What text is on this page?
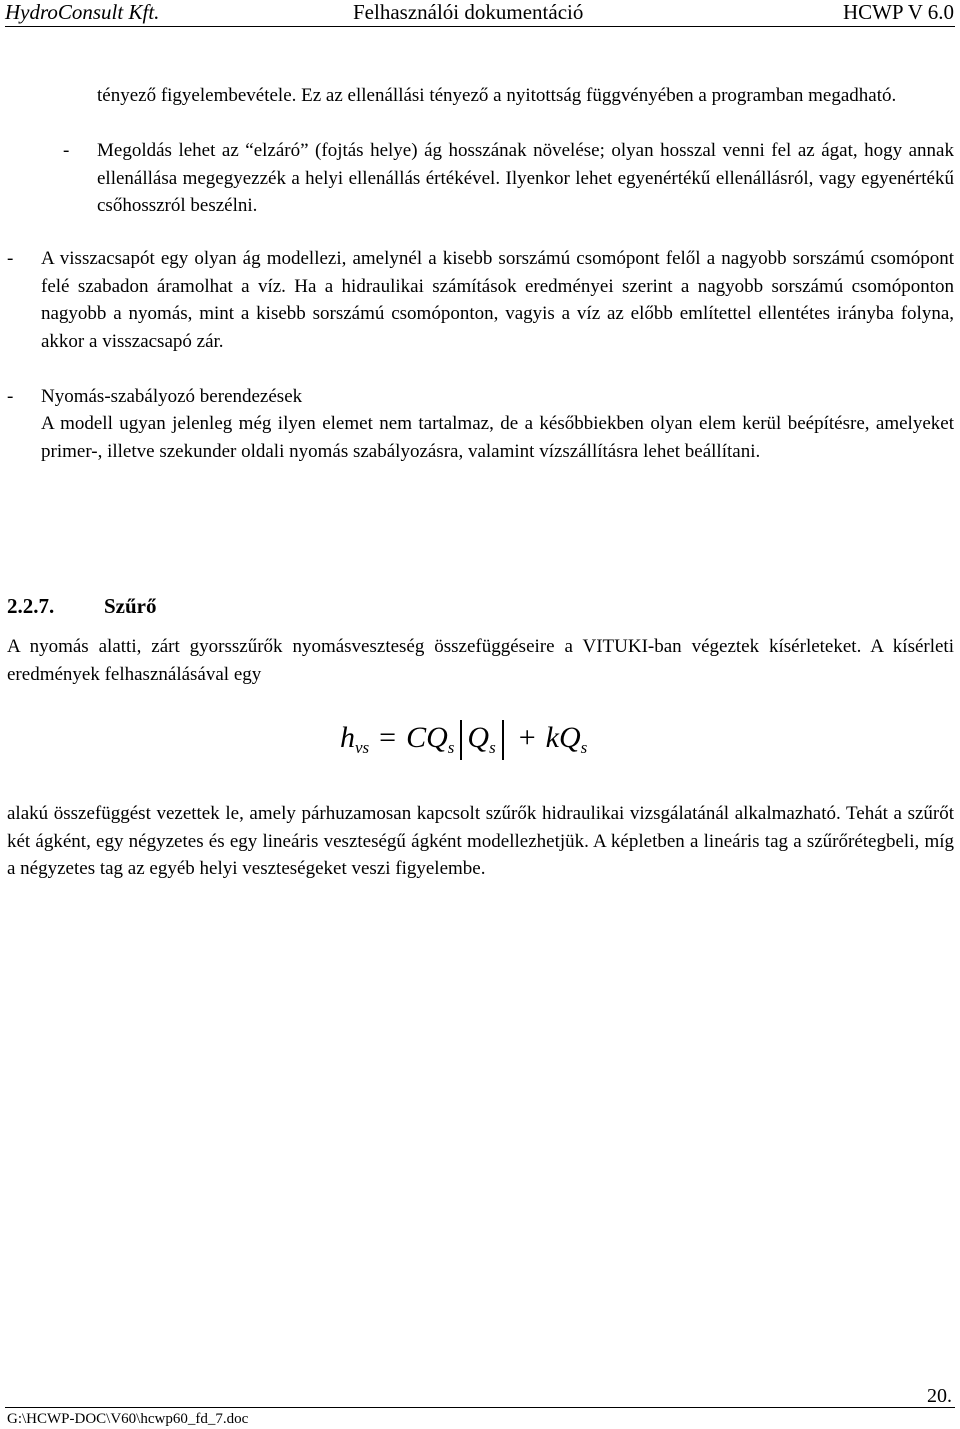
HydroConsult Kft.	Felhasználói dokumentáció	HCWP V 6.0

tényező figyelembevétele. Ez az ellenállási tényező a nyitottság függvényében a programban megadható.

- Megoldás lehet az “elzáró” (fojtás helye) ág hosszának növelése; olyan hosszal venni fel az ágat, hogy annak ellenállása megegyezzék a helyi ellenállás értékével. Ilyenkor lehet egyenértékű ellenállásról, vagy egyenértékű csőhosszról beszélni.

- A visszacsapót egy olyan ág modellezi, amelynél a kisebb sorszámú csomópont felől a nagyobb sorszámú csomópont felé szabadon áramolhat a víz. Ha a hidraulikai számítások eredményei szerint a nagyobb sorszámú csomóponton nagyobb a nyomás, mint a kisebb sorszámú csomóponton, vagyis a víz az előbb említettel ellentétes irányba folyna, akkor a visszacsapó zár.

- Nyomás-szabályozó berendezések

A modell ugyan jelenleg még ilyen elemet nem tartalmaz, de a későbbiekben olyan elem kerül beépítésre, amelyeket primer-, illetve szekunder oldali nyomás szabályozásra, valamint vízszállításra lehet beállítani.

2.2.7. Szűrő

A nyomás alatti, zárt gyorsszűrők nyomásveszteség összefüggéseire a VITUKI-ban végeztek kísérleteket. A kísérleti eredmények felhasználásával egy

$h_{vs} = CQ_s$ $Q_s + kQ_s$

alakú összefüggést vezettek le, amely párhuzamosan kapcsolt szűrők hidraulikai vizsgálatánál alkalmazható. Tehát a szűrőt két ágként, egy négyzetes és egy lineáris veszteségű ágként modellezhetjük. A képletben a lineáris tag a szűrőrétegbeli, míg a négyzetes tag az egyéb helyi veszteségeket veszi figyelembe.

20.
G:\HCWP-DOC\V60\hcwp60_fd_7.doc
